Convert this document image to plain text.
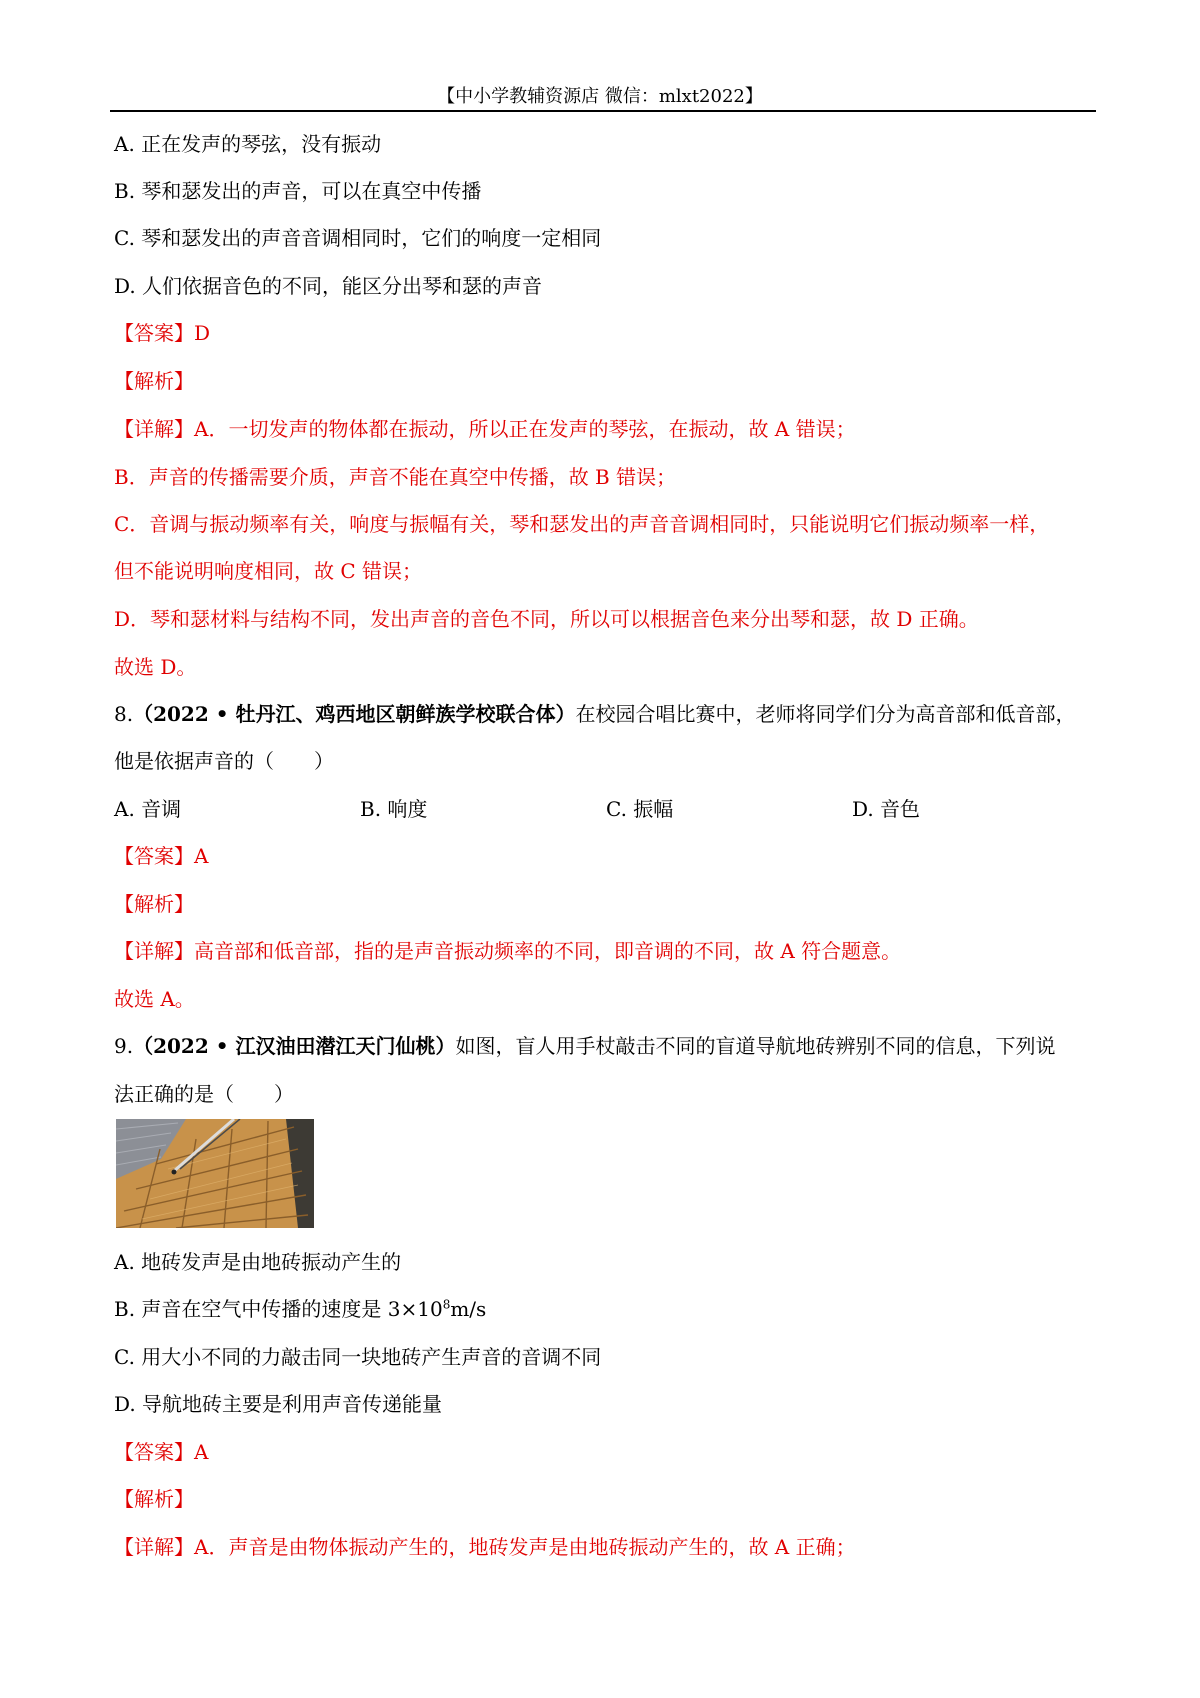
【中小学教辅资源店 微信：mlxt2022】
A. 正在发声的琴弦，没有振动
B. 琴和瑟发出的声音，可以在真空中传播
C. 琴和瑟发出的声音音调相同时，它们的响度一定相同
D. 人们依据音色的不同，能区分出琴和瑟的声音
【答案】D
【解析】
【详解】A．一切发声的物体都在振动，所以正在发声的琴弦，在振动，故 A 错误；
B．声音的传播需要介质，声音不能在真空中传播，故 B 错误；
C．音调与振动频率有关，响度与振幅有关，琴和瑟发出的声音音调相同时，只能说明它们振动频率一样，
但不能说明响度相同，故 C 错误；
D．琴和瑟材料与结构不同，发出声音的音色不同，所以可以根据音色来分出琴和瑟，故 D 正确。
故选 D。
8.（2022 • 牡丹江、鸡西地区朝鲜族学校联合体）在校园合唱比赛中，老师将同学们分为高音部和低音部，
他是依据声音的（　　）
A. 音调	B. 响度	C. 振幅	D. 音色
【答案】A
【解析】
【详解】高音部和低音部，指的是声音振动频率的不同，即音调的不同，故 A 符合题意。
故选 A。
9.（2022 • 江汉油田潜江天门仙桃）如图，盲人用手杖敲击不同的盲道导航地砖辨别不同的信息，下列说
法正确的是（　　）
A. 地砖发声是由地砖振动产生的
B. 声音在空气中传播的速度是 $3\times 10^8m/s$
C. 用大小不同的力敲击同一块地砖产生声音的音调不同
D. 导航地砖主要是利用声音传递能量
【答案】A
【解析】
【详解】A．声音是由物体振动产生的，地砖发声是由地砖振动产生的，故 A 正确；
